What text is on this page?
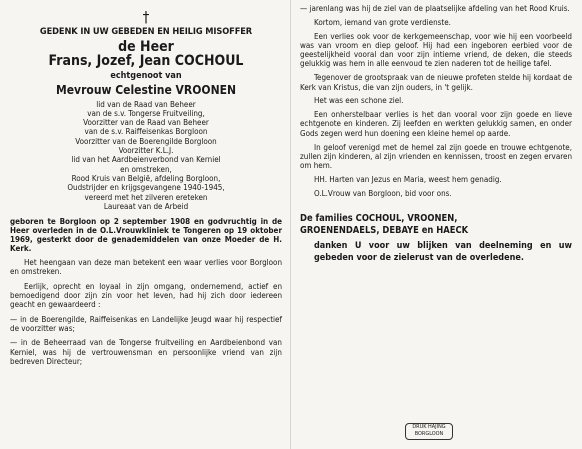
†
GEDENK IN UW GEBEDEN EN HEILIG MISOFFER
de Heer
Frans, Jozef, Jean COCHOUL
echtgenoot van
Mevrouw Celestine VROONEN
lid van de Raad van Beheer
van de s.v. Tongerse Fruitveiling,
Voorzitter van de Raad van Beheer
van de s.v. Raiffeisenkas Borgloon
Voorzitter van de Boerengilde Borgloon
Voorzitter K.L.J.
lid van het Aardbeienverbond van Kerniel
en omstreken,
Rood Kruis van België, afdeling Borgloon,
Oudstrijder en krijgsgevangene 1940-1945,
vereerd met het zilveren ereteken
Laureaat van de Arbeid

geboren te Borgloon op 2 september 1908 en godvruchtig in de Heer overleden in de O.L.Vrouwkliniek te Tongeren op 19 oktober 1969, gesterkt door de genademiddelen van onze Moeder de H. Kerk.

Het heengaan van deze man betekent een waar verlies voor Borgloon en omstreken.

Eerlijk, oprecht en loyaal in zijn omgang, ondernemend, actief en bemoedigend door zijn zin voor het leven, had hij zich door iedereen geacht en gewaardeerd :

— in de Boerengilde, Raiffeisenkas en Landelijke Jeugd waar hij respectief de voorzitter was;

— in de Beheerraad van de Tongerse fruitveiling en Aardbeienbond van Kerniel, was hij de vertrouwensman en persoonlijke vriend van zijn bedreven Directeur;

— jarenlang was hij de ziel van de plaatselijke afdeling van het Rood Kruis.

Kortom, iemand van grote verdienste.

Een verlies ook voor de kerkgemeenschap, voor wie hij een voorbeeld was van vroom en diep geloof. Hij had een ingeboren eerbied voor de geestelijkheid vooral dan voor zijn intieme vriend, de deken, die steeds gelukkig was hem in alle eenvoud te zien naderen tot de heilige tafel.

Tegenover de grootspraak van de nieuwe profeten stelde hij kordaat de Kerk van Kristus, die van zijn ouders, in 't gelijk.

Het was een schone ziel.

Een onherstelbaar verlies is het dan vooral voor zijn goede en lieve echtgenote en kinderen. Zij leefden en werkten gelukkig samen, en onder Gods zegen werd hun doening een kleine hemel op aarde.

In geloof verenigd met de hemel zal zijn goede en trouwe echtgenote, zullen zijn kinderen, al zijn vrienden en kennissen, troost en zegen ervaren om hem.

HH. Harten van Jezus en Maria, weest hem genadig.

O.L.Vrouw van Borgloon, bid voor ons.

De families COCHOUL, VROONEN,
GROENENDAELS, DEBAYE en HAECK

danken U voor uw blijken van deelneming en uw gebeden voor de zielerust van de overledene.

DRUK HAJING
BORGLOON
